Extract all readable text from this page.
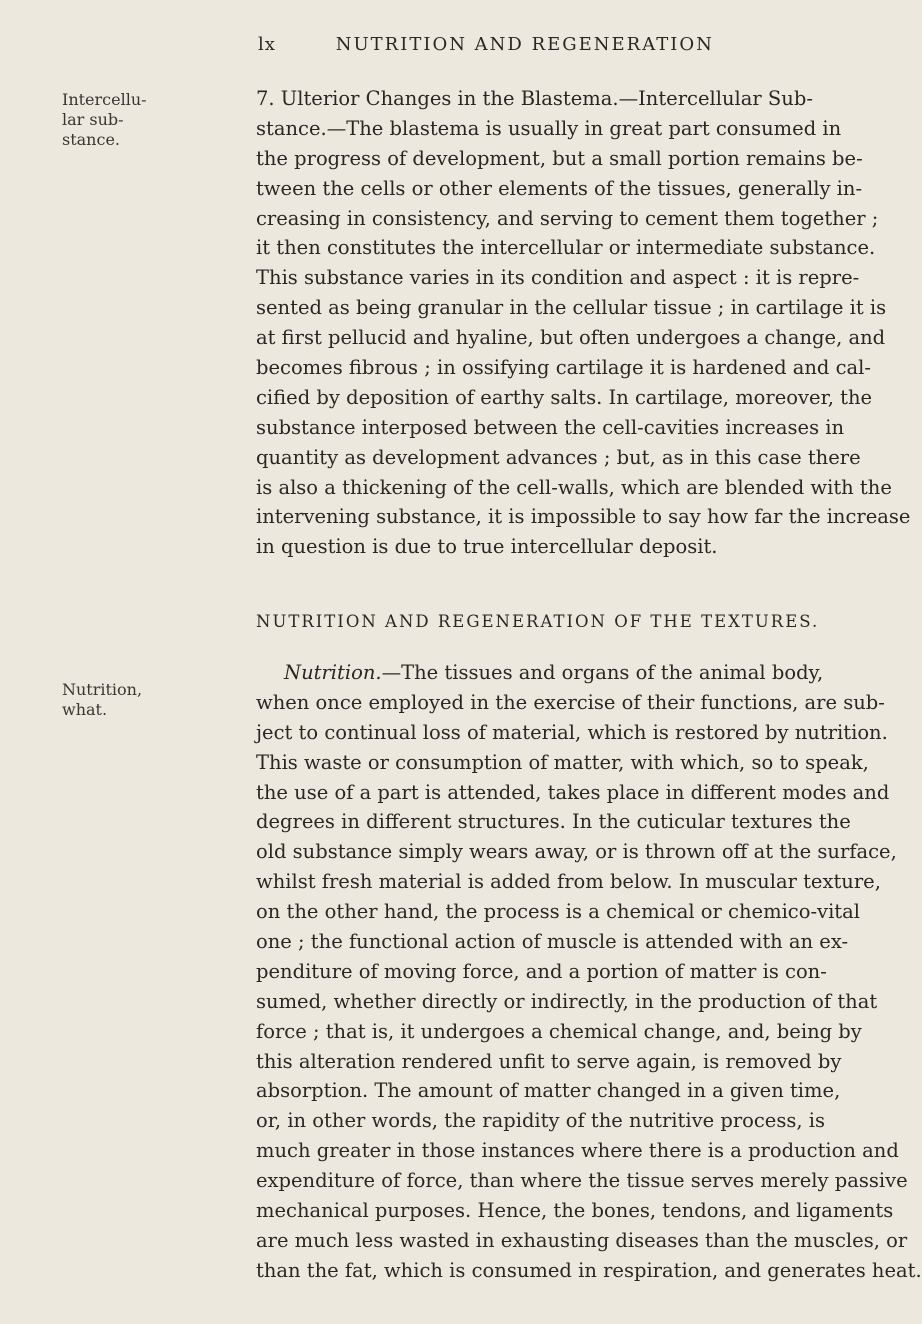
lx	NUTRITION AND REGENERATION
Intercellu-
lar sub-
stance.
Nutrition,
what.
7. Ulterior Changes in the Blastema.—Intercellular Sub-
stance.—The blastema is usually in great part consumed in
the progress of development, but a small portion remains be-
tween the cells or other elements of the tissues, generally in-
creasing in consistency, and serving to cement them together ;
it then constitutes the intercellular or intermediate substance.
This substance varies in its condition and aspect : it is repre-
sented as being granular in the cellular tissue ; in cartilage it is
at first pellucid and hyaline, but often undergoes a change, and
becomes fibrous ; in ossifying cartilage it is hardened and cal-
cified by deposition of earthy salts. In cartilage, moreover, the
substance interposed between the cell-cavities increases in
quantity as development advances ; but, as in this case there
is also a thickening of the cell-walls, which are blended with the
intervening substance, it is impossible to say how far the increase
in question is due to true intercellular deposit.
NUTRITION AND REGENERATION OF THE TEXTURES.
Nutrition.—The tissues and organs of the animal body,
when once employed in the exercise of their functions, are sub-
ject to continual loss of material, which is restored by nutrition.
This waste or consumption of matter, with which, so to speak,
the use of a part is attended, takes place in different modes and
degrees in different structures. In the cuticular textures the
old substance simply wears away, or is thrown off at the surface,
whilst fresh material is added from below. In muscular texture,
on the other hand, the process is a chemical or chemico-vital
one ; the functional action of muscle is attended with an ex-
penditure of moving force, and a portion of matter is con-
sumed, whether directly or indirectly, in the production of that
force ; that is, it undergoes a chemical change, and, being by
this alteration rendered unfit to serve again, is removed by
absorption. The amount of matter changed in a given time,
or, in other words, the rapidity of the nutritive process, is
much greater in those instances where there is a production and
expenditure of force, than where the tissue serves merely passive
mechanical purposes. Hence, the bones, tendons, and ligaments
are much less wasted in exhausting diseases than the muscles, or
than the fat, which is consumed in respiration, and generates heat.
